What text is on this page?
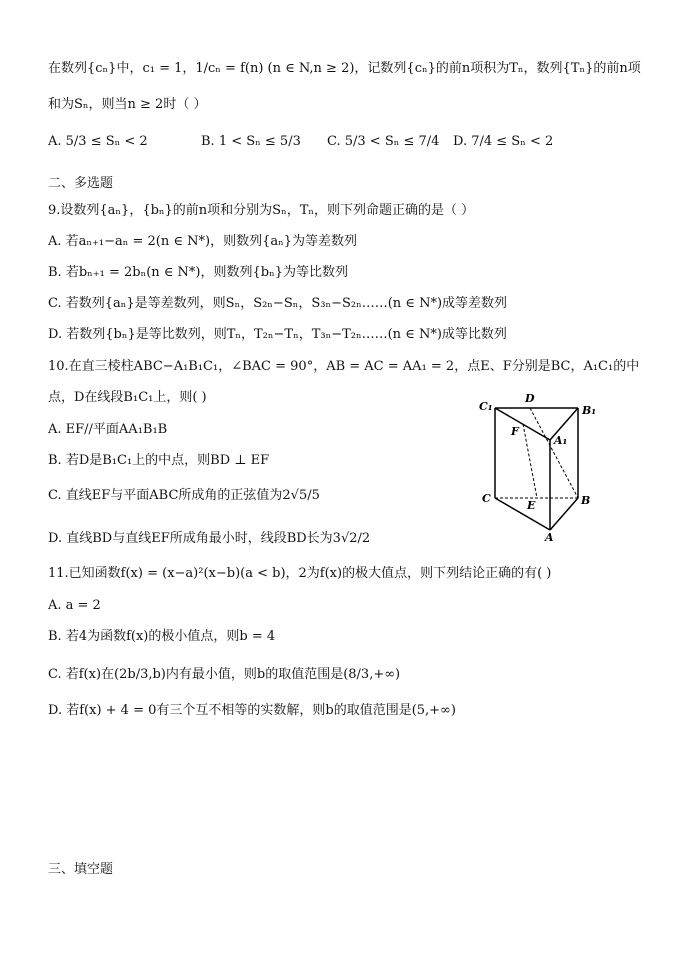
在数列{cₙ}中，c₁ = 1，1/cₙ = f(n) (n ∈ N,n ≥ 2)，记数列{cₙ}的前n项积为Tₙ，数列{Tₙ}的前n项
和为Sₙ，则当n ≥ 2时（ ）
A. 5/3 ≤ Sₙ < 2	B. 1 < Sₙ ≤ 5/3 C. 5/3 < Sₙ ≤ 7/4 D. 7/4 ≤ Sₙ < 2
二、多选题
9.设数列{aₙ}，{bₙ}的前n项和分别为Sₙ，Tₙ，则下列命题正确的是（ ）
A. 若aₙ₊₁−aₙ = 2(n ∈ N*)，则数列{aₙ}为等差数列
B. 若bₙ₊₁ = 2bₙ(n ∈ N*)，则数列{bₙ}为等比数列
C. 若数列{aₙ}是等差数列，则Sₙ，S₂ₙ−Sₙ，S₃ₙ−S₂ₙ……(n ∈ N*)成等差数列
D. 若数列{bₙ}是等比数列，则Tₙ，T₂ₙ−Tₙ，T₃ₙ−T₂ₙ……(n ∈ N*)成等比数列
10.在直三棱柱ABC−A₁B₁C₁，∠BAC = 90°，AB = AC = AA₁ = 2，点E、F分别是BC，A₁C₁的中
点，D在线段B₁C₁上，则( )
A. EF//平面AA₁B₁B
B. 若D是B₁C₁上的中点，则BD ⊥ EF
C. 直线EF与平面ABC所成角的正弦值为2√5/5
D. 直线BD与直线EF所成角最小时，线段BD长为3√2/2
C₁
D
B₁
F
A₁
C
E	B
A
11.已知函数f(x) = (x−a)²(x−b)(a < b)，2为f(x)的极大值点，则下列结论正确的有( )
A. a = 2
B. 若4为函数f(x)的极小值点，则b = 4
C. 若f(x)在(2b/3,b)内有最小值，则b的取值范围是(8/3,+∞)
D. 若f(x) + 4 = 0有三个互不相等的实数解，则b的取值范围是(5,+∞)
三、填空题
